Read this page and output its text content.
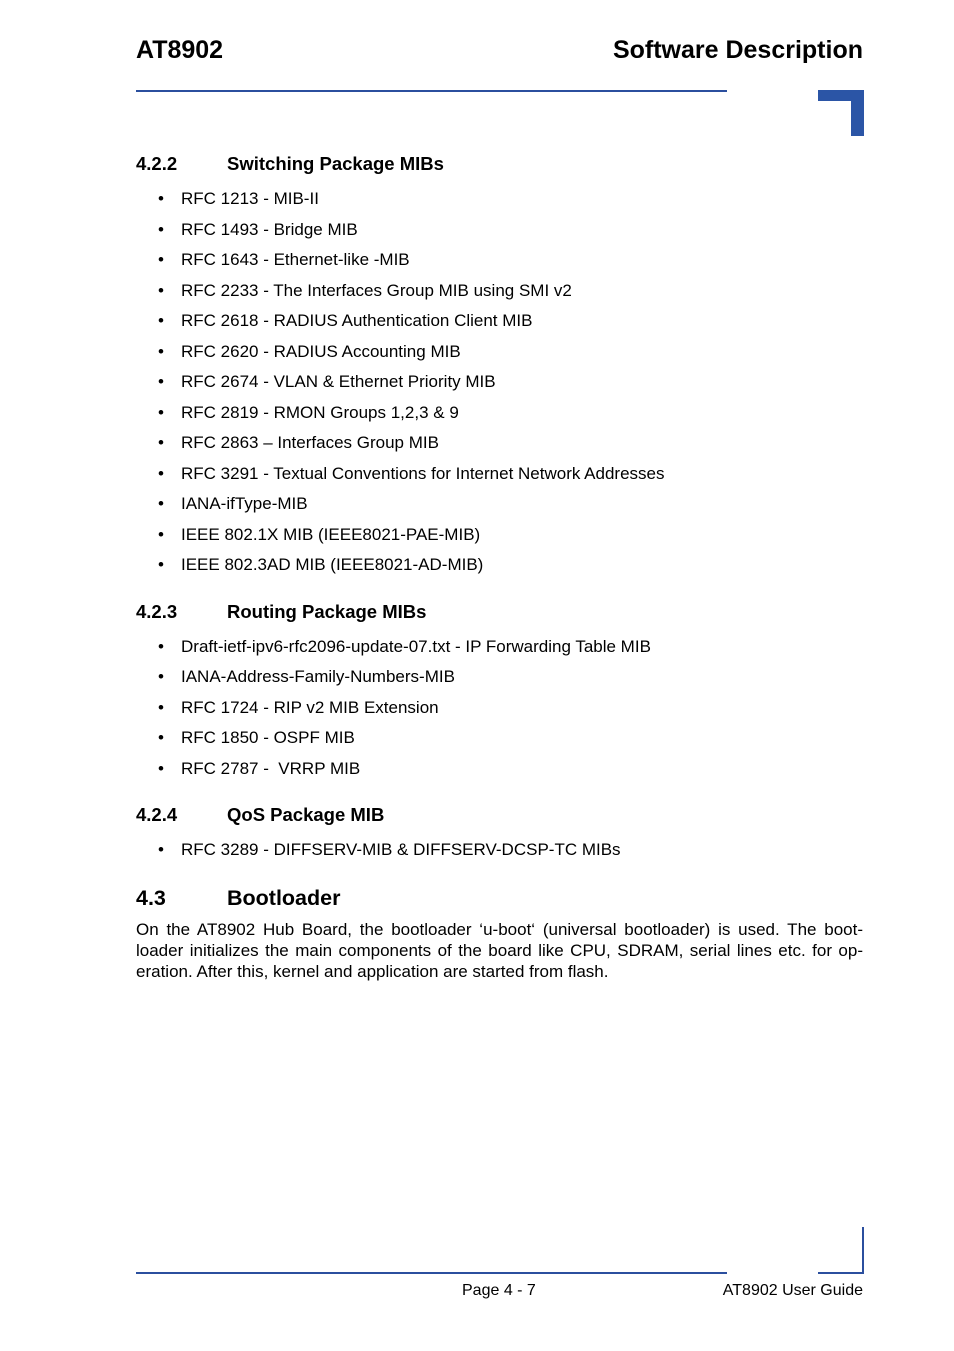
AT8902	Software Description
4.2.2	Switching Package MIBs
• RFC 1213 - MIB-II
• RFC 1493 - Bridge MIB
• RFC 1643 - Ethernet-like -MIB
• RFC 2233 - The Interfaces Group MIB using SMI v2
• RFC 2618 - RADIUS Authentication Client MIB
• RFC 2620 - RADIUS Accounting MIB
• RFC 2674 - VLAN & Ethernet Priority MIB
• RFC 2819 - RMON Groups 1,2,3 & 9
• RFC 2863 – Interfaces Group MIB
• RFC 3291 - Textual Conventions for Internet Network Addresses
• IANA-ifType-MIB
• IEEE 802.1X MIB (IEEE8021-PAE-MIB)
• IEEE 802.3AD MIB (IEEE8021-AD-MIB)
4.2.3	Routing Package MIBs
• Draft-ietf-ipv6-rfc2096-update-07.txt - IP Forwarding Table MIB
• IANA-Address-Family-Numbers-MIB
• RFC 1724 - RIP v2 MIB Extension
• RFC 1850 - OSPF MIB
• RFC 2787 -  VRRP MIB
4.2.4	QoS Package MIB
• RFC 3289 - DIFFSERV-MIB & DIFFSERV-DCSP-TC MIBs
4.3	Bootloader

On the AT8902 Hub Board, the bootloader ‘u-boot‘ (universal bootloader) is used. The boot-loader initializes the main components of the board like CPU, SDRAM, serial lines etc. for op-eration. After this, kernel and application are started from flash.

Page 4 - 7	AT8902 User Guide
